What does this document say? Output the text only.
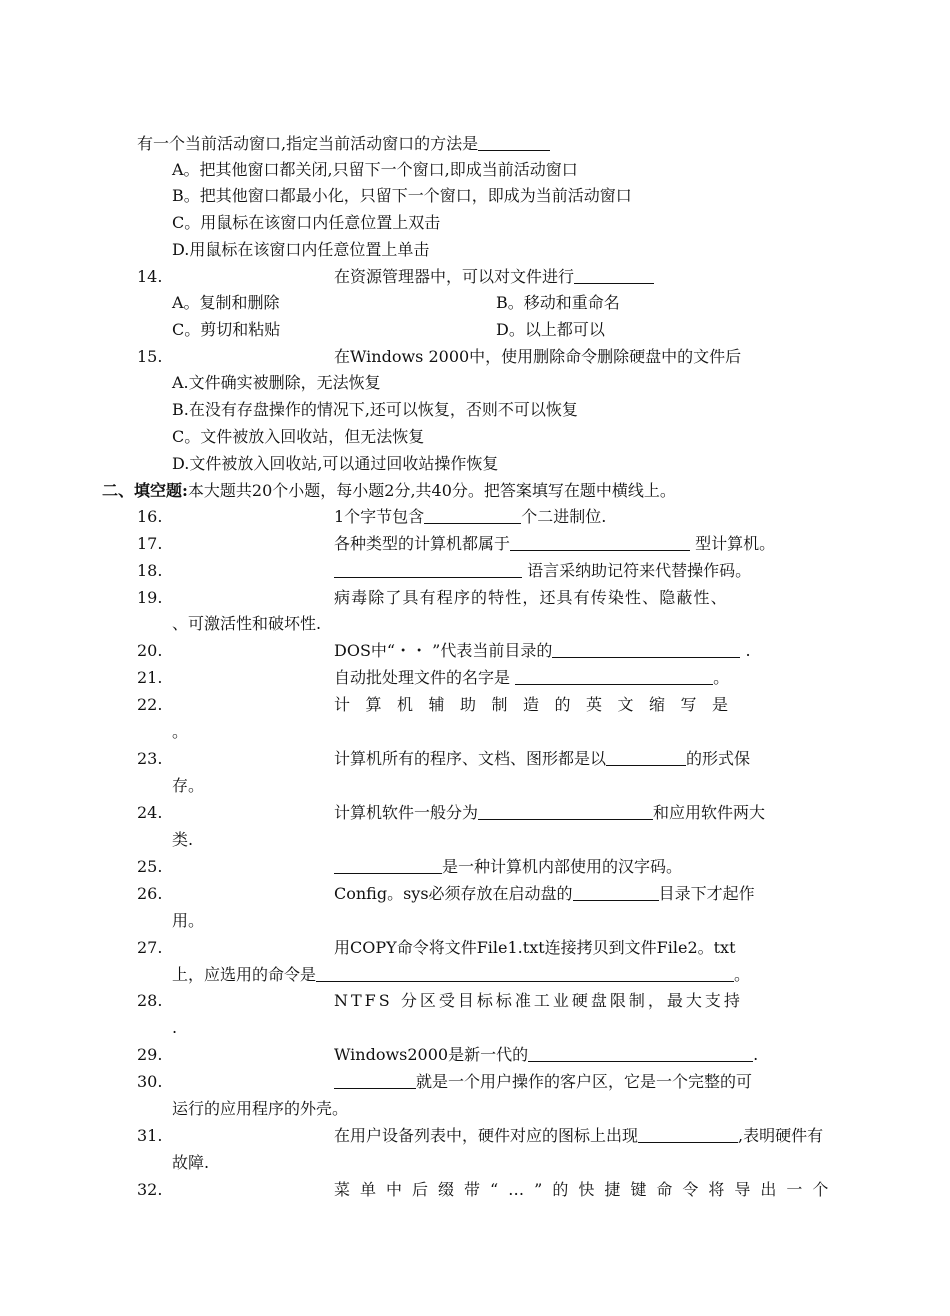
有一个当前活动窗口,指定当前活动窗口的方法是
A。把其他窗口都关闭,只留下一个窗口,即成当前活动窗口
B。把其他窗口都最小化，只留下一个窗口，即成为当前活动窗口
C。用鼠标在该窗口内任意位置上双击
D.用鼠标在该窗口内任意位置上单击
14.	在资源管理器中，可以对文件进行
A。复制和删除	B。移动和重命名
C。剪切和粘贴	D。以上都可以
15.	在Windows 2000中，使用删除命令删除硬盘中的文件后
A.文件确实被删除，无法恢复
B.在没有存盘操作的情况下,还可以恢复，否则不可以恢复
C。文件被放入回收站，但无法恢复
D.文件被放入回收站,可以通过回收站操作恢复
二、填空题:本大题共20个小题，每小题2分,共40分。把答案填写在题中横线上。
16.	1个字节包含	个二进制位.
17.	各种类型的计算机都属于	型计算机。
18.	语言采纳助记符来代替操作码。
19.	病毒除了具有程序的特性，还具有传染性、隐蔽性、
、可激活性和破坏性.
20.	DOS中“・・ ”代表当前目录的	.
21.	自动批处理文件的名字是	。
22.	计算机辅助制造的英文缩写是
。
23.	计算机所有的程序、文档、图形都是以	的形式保
存。
24.	计算机软件一般分为	和应用软件两大
类.
25.	是一种计算机内部使用的汉字码。
26.	Config。sys必须存放在启动盘的	目录下才起作
用。
27.	用COPY命令将文件File1.txt连接拷贝到文件File2。txt
上，应选用的命令是	。
28.	NTFS 分区受目标标准工业硬盘限制，最大支持
.
29.	Windows2000是新一代的	.
30.	就是一个用户操作的客户区，它是一个完整的可
运行的应用程序的外壳。
31.	在用户设备列表中，硬件对应的图标上出现	,表明硬件有
故障.
32.	菜单中后缀带“…”的快捷键命令将导出一个
